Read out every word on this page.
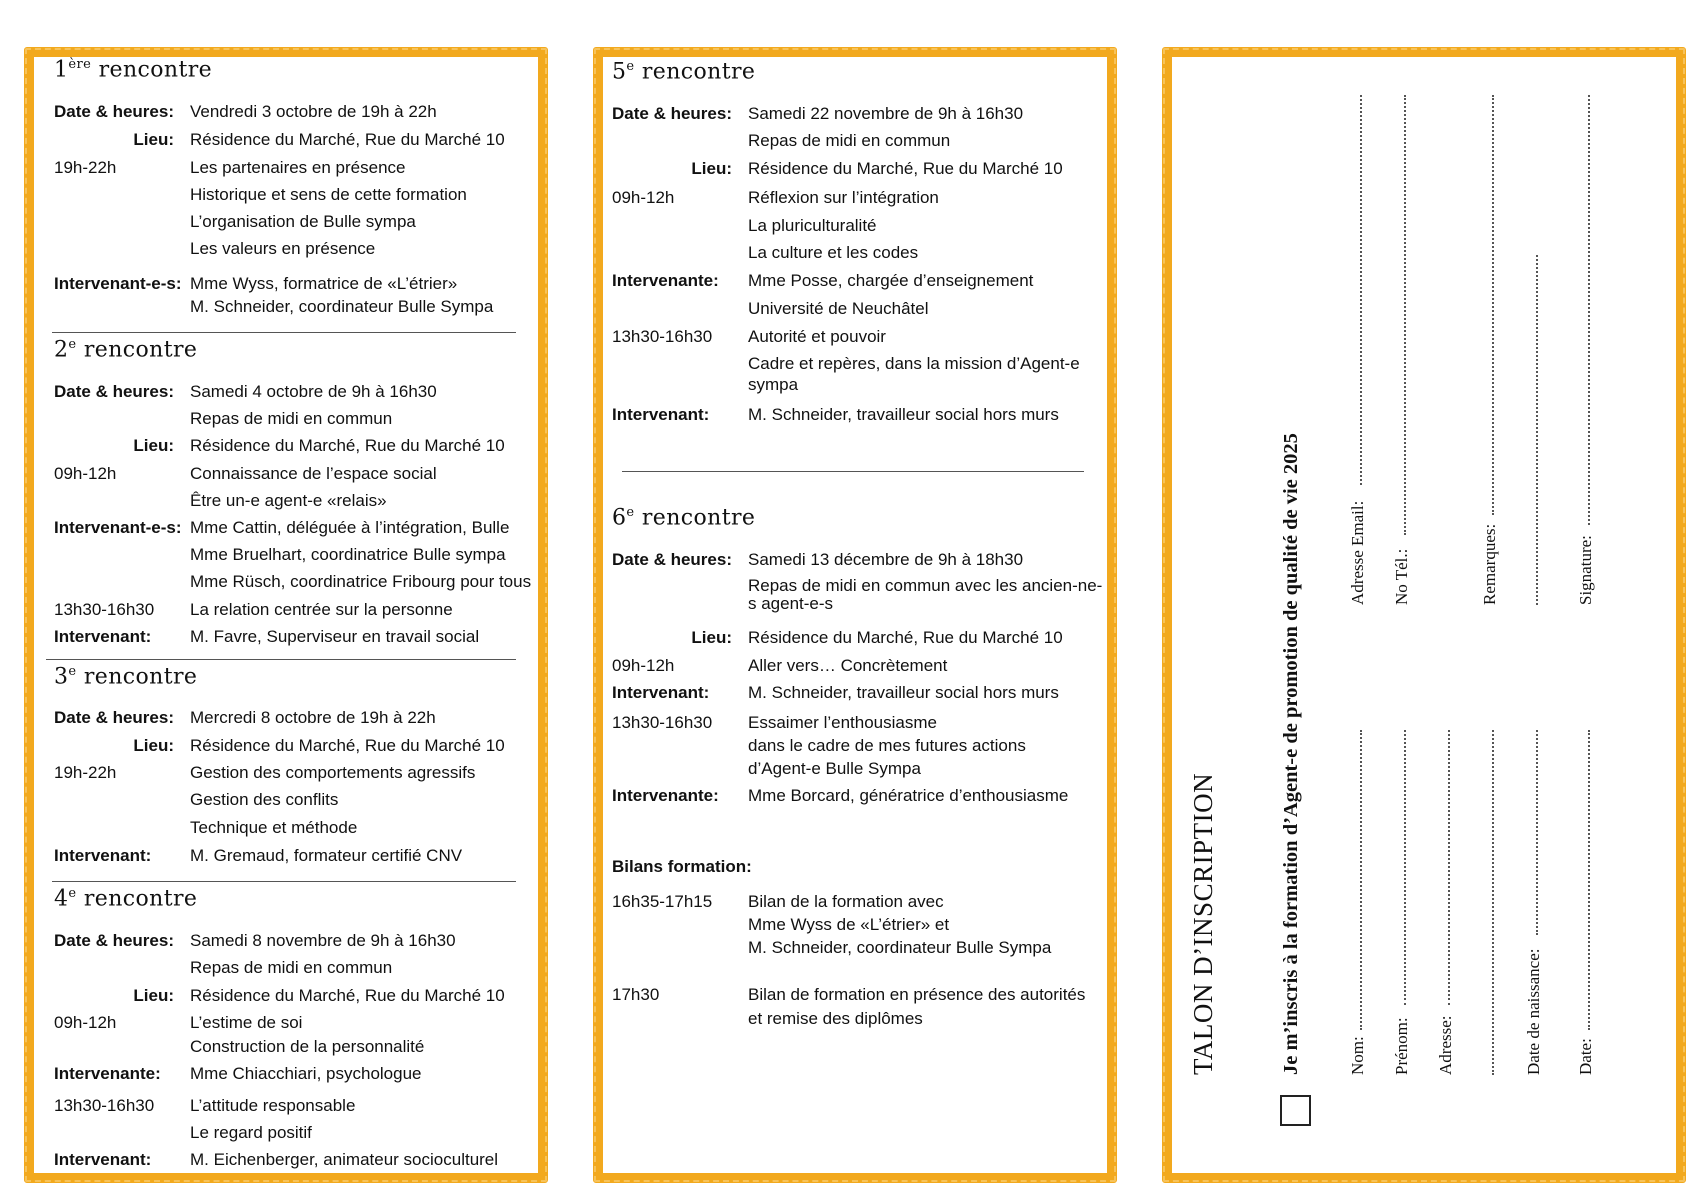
1ère rencontre
Date & heures: Vendredi 3 octobre de 19h à 22h
Lieu: Résidence du Marché, Rue du Marché 10
19h-22h	Les partenaires en présence
Historique et sens de cette formation
L’organisation de Bulle sympa
Les valeurs en présence
Intervenant-e-s: Mme Wyss, formatrice de «L’étrier»
M. Schneider, coordinateur Bulle Sympa
2e rencontre
Date & heures: Samedi 4 octobre de 9h à 16h30
Repas de midi en commun
Lieu: Résidence du Marché, Rue du Marché 10
09h-12h	Connaissance de l’espace social
Être un-e agent-e «relais»
Intervenant-e-s: Mme Cattin, déléguée à l’intégration, Bulle
Mme Bruelhart, coordinatrice Bulle sympa
Mme Rüsch, coordinatrice Fribourg pour tous
13h30-16h30 La relation centrée sur la personne
Intervenant: M. Favre, Superviseur en travail social
3e rencontre
Date & heures: Mercredi 8 octobre de 19h à 22h
Lieu: Résidence du Marché, Rue du Marché 10
19h-22h	Gestion des comportements agressifs
Gestion des conflits
Technique et méthode
Intervenant: M. Gremaud, formateur certifié CNV
4e rencontre
Date & heures: Samedi 8 novembre de 9h à 16h30
Repas de midi en commun
Lieu: Résidence du Marché, Rue du Marché 10
09h-12h	L’estime de soi
Construction de la personnalité
Intervenante: Mme Chiacchiari, psychologue
13h30-16h30 L’attitude responsable
Le regard positif
Intervenant: M. Eichenberger, animateur socioculturel
5e rencontre
Date & heures: Samedi 22 novembre de 9h à 16h30
Repas de midi en commun
Lieu: Résidence du Marché, Rue du Marché 10
09h-12h	Réflexion sur l’intégration
La pluriculturalité
La culture et les codes
Intervenante: Mme Posse, chargée d’enseignement
Université de Neuchâtel
13h30-16h30 Autorité et pouvoir
Cadre et repères, dans la mission d’Agent-e sympa
Intervenant: M. Schneider, travailleur social hors murs
6e rencontre
Date & heures: Samedi 13 décembre de 9h à 18h30
Repas de midi en commun avec les ancien-ne-s agent-e-s
Lieu: Résidence du Marché, Rue du Marché 10
09h-12h	Aller vers… Concrètement
Intervenant: M. Schneider, travailleur social hors murs
13h30-16h30 Essaimer l’enthousiasme
dans le cadre de mes futures actions
d’Agent-e Bulle Sympa
Intervenante: Mme Borcard, génératrice d’enthousiasme
Bilans formation:
16h35-17h15 Bilan de la formation avec
Mme Wyss de «L’étrier» et
M. Schneider, coordinateur Bulle Sympa
17h30	Bilan de formation en présence des autorités
et remise des diplômes	TALON D’INSCRIPTION	Je m’inscris à la formation d’Agent-e de promotion de qualité de vie 2025	Nom:
Adresse Email:
Prénom:
No Tél.:
Adresse:
Remarques:
Date de naissance: Date:
Signature:
